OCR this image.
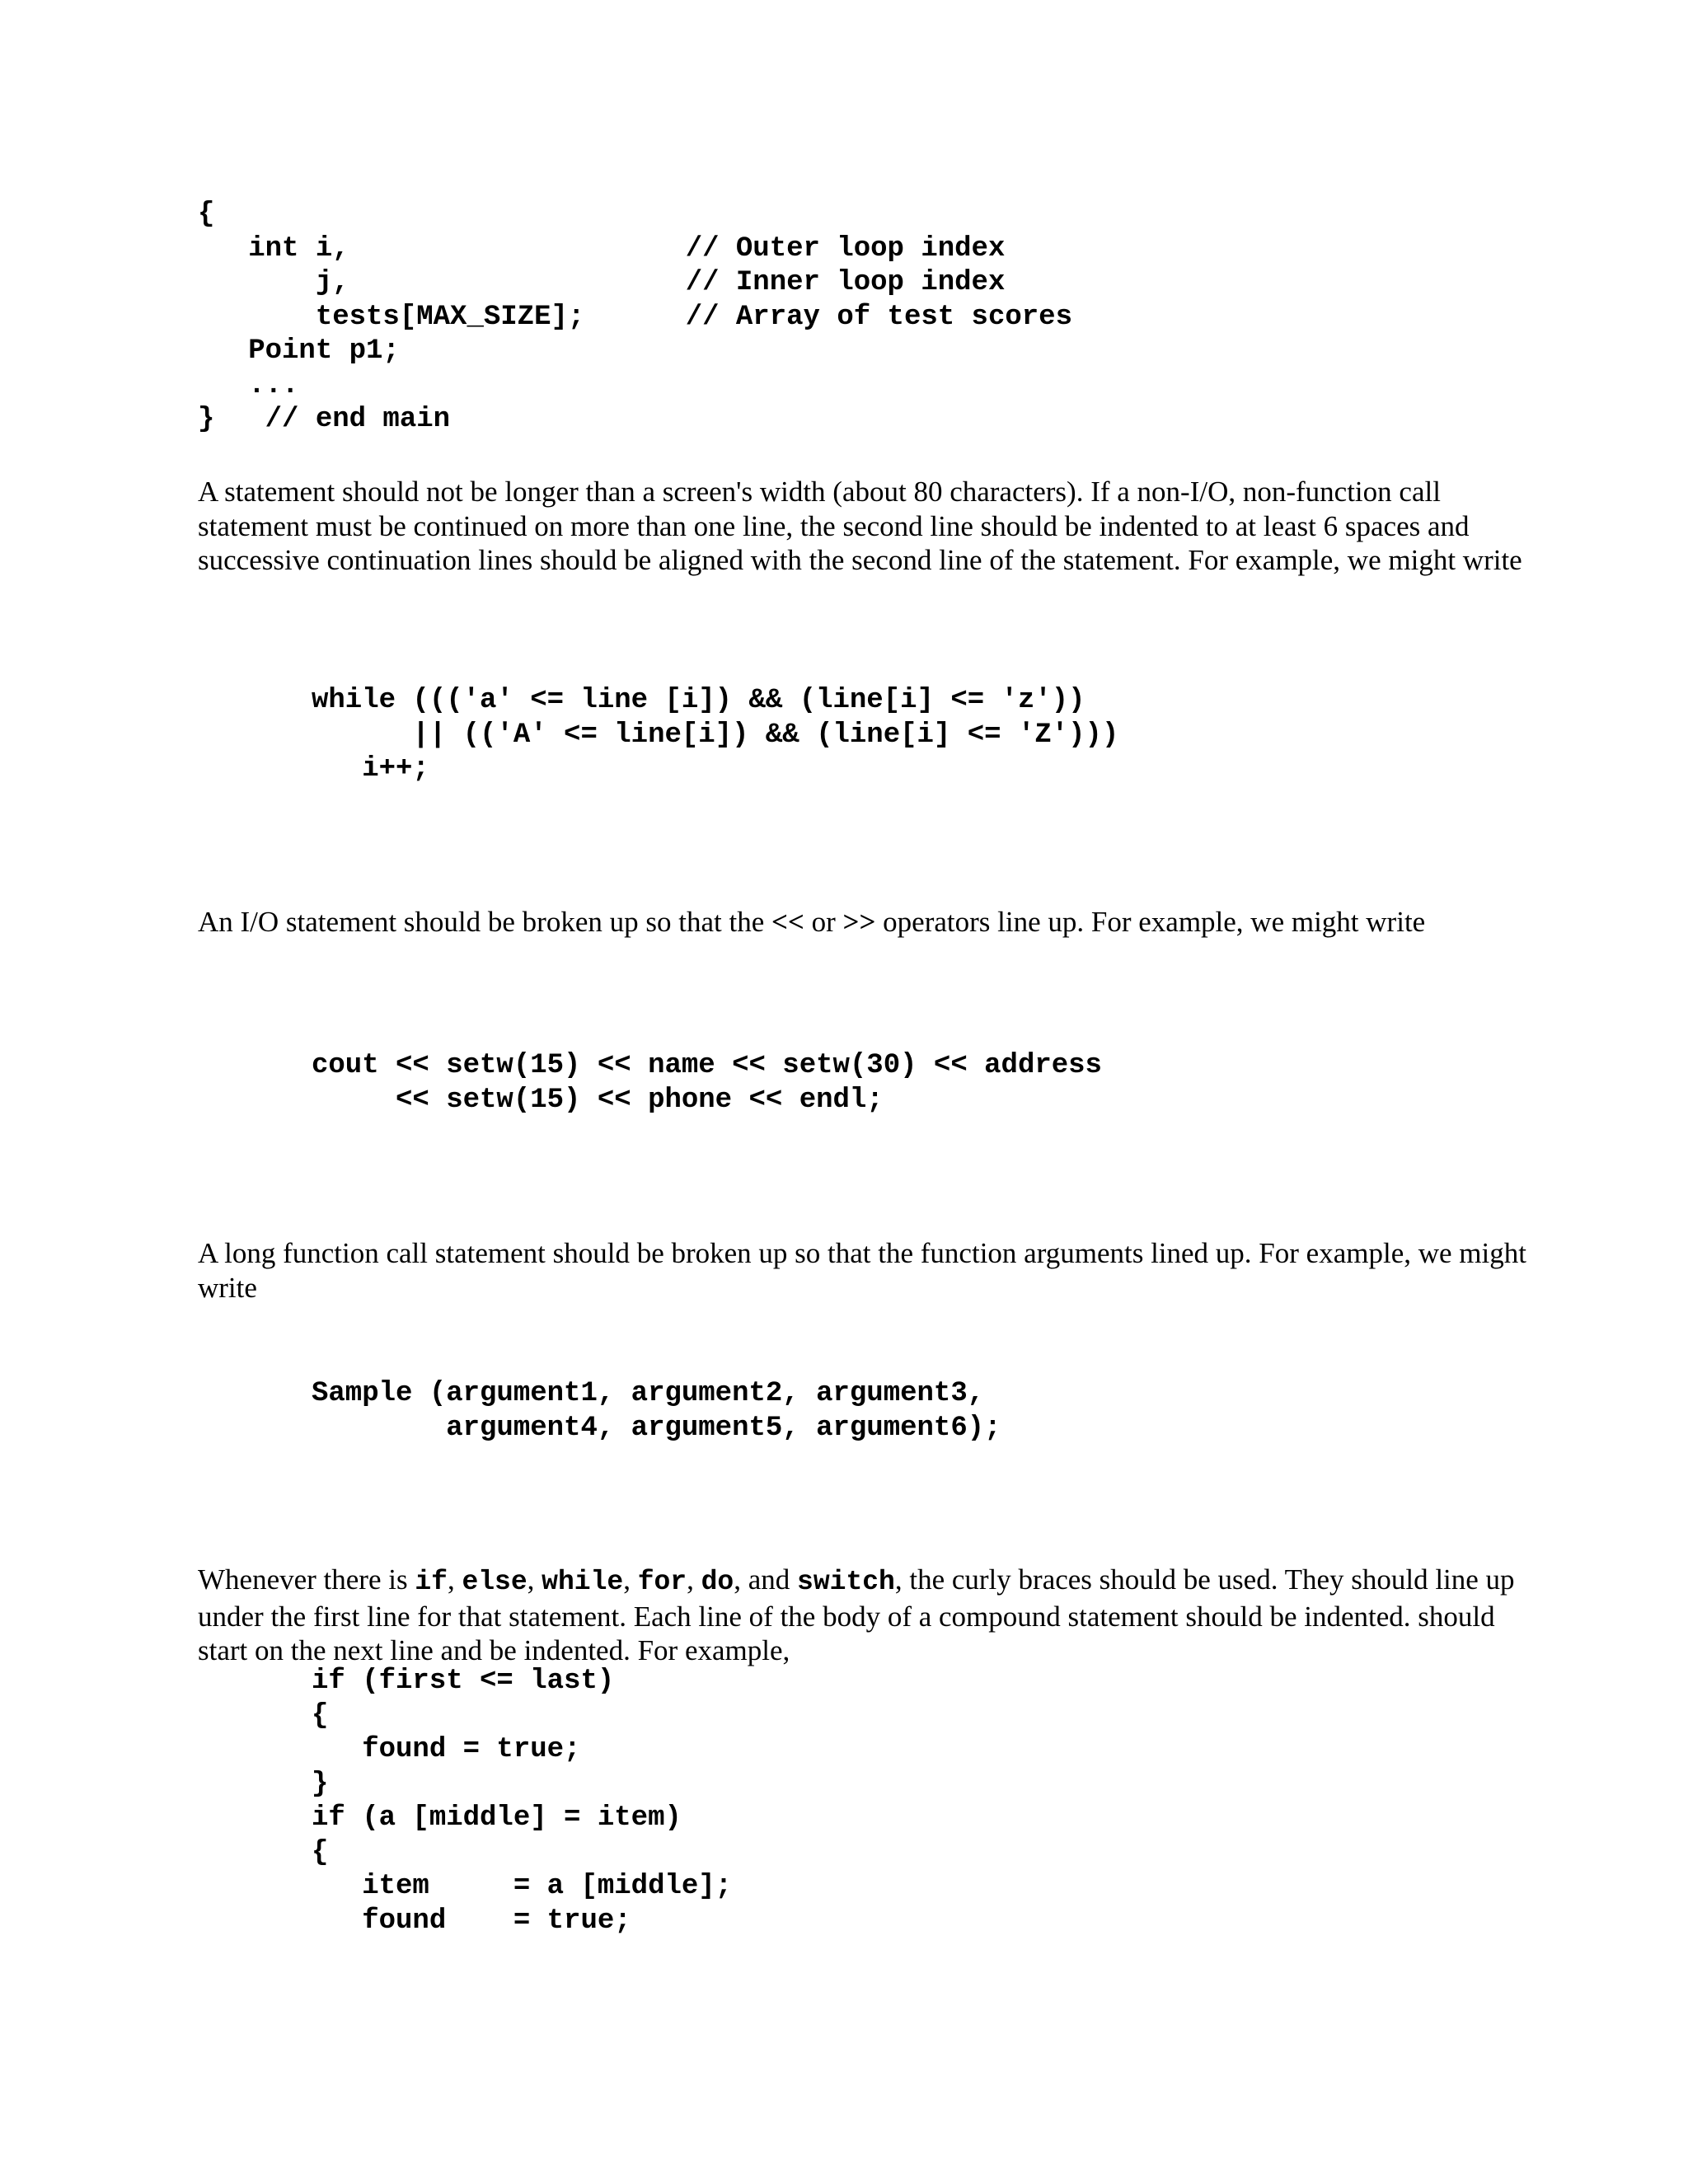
{
int i,                    // Outer loop index
j,                    // Inner loop index
tests[MAX_SIZE];      // Array of test scores
Point p1;
...
}   // end main

A statement should not be longer than a screen's width (about 80 characters). If a non-I/O, non-function call statement must be continued on more than one line, the second line should be indented to at least 6 spaces and successive continuation lines should be aligned with the second line of the statement. For example, we might write

while ((('a' <= line [i]) && (line[i] <= 'z'))
|| (('A' <= line[i]) && (line[i] <= 'Z')))
i++;

An I/O statement should be broken up so that the << or >> operators line up. For example, we might write

cout << setw(15) << name << setw(30) << address
<< setw(15) << phone << endl;

A long function call statement should be broken up so that the function arguments lined up. For example, we might write

Sample (argument1, argument2, argument3,
argument4, argument5, argument6);

Whenever there is if, else, while, for, do, and switch, the curly braces should be used. They should line up under the first line for that statement. Each line of the body of a compound statement should be indented. should start on the next line and be indented. For example,

if (first <= last)
{
found = true;
}
if (a [middle] = item)
{
item     = a [middle];
found    = true;
